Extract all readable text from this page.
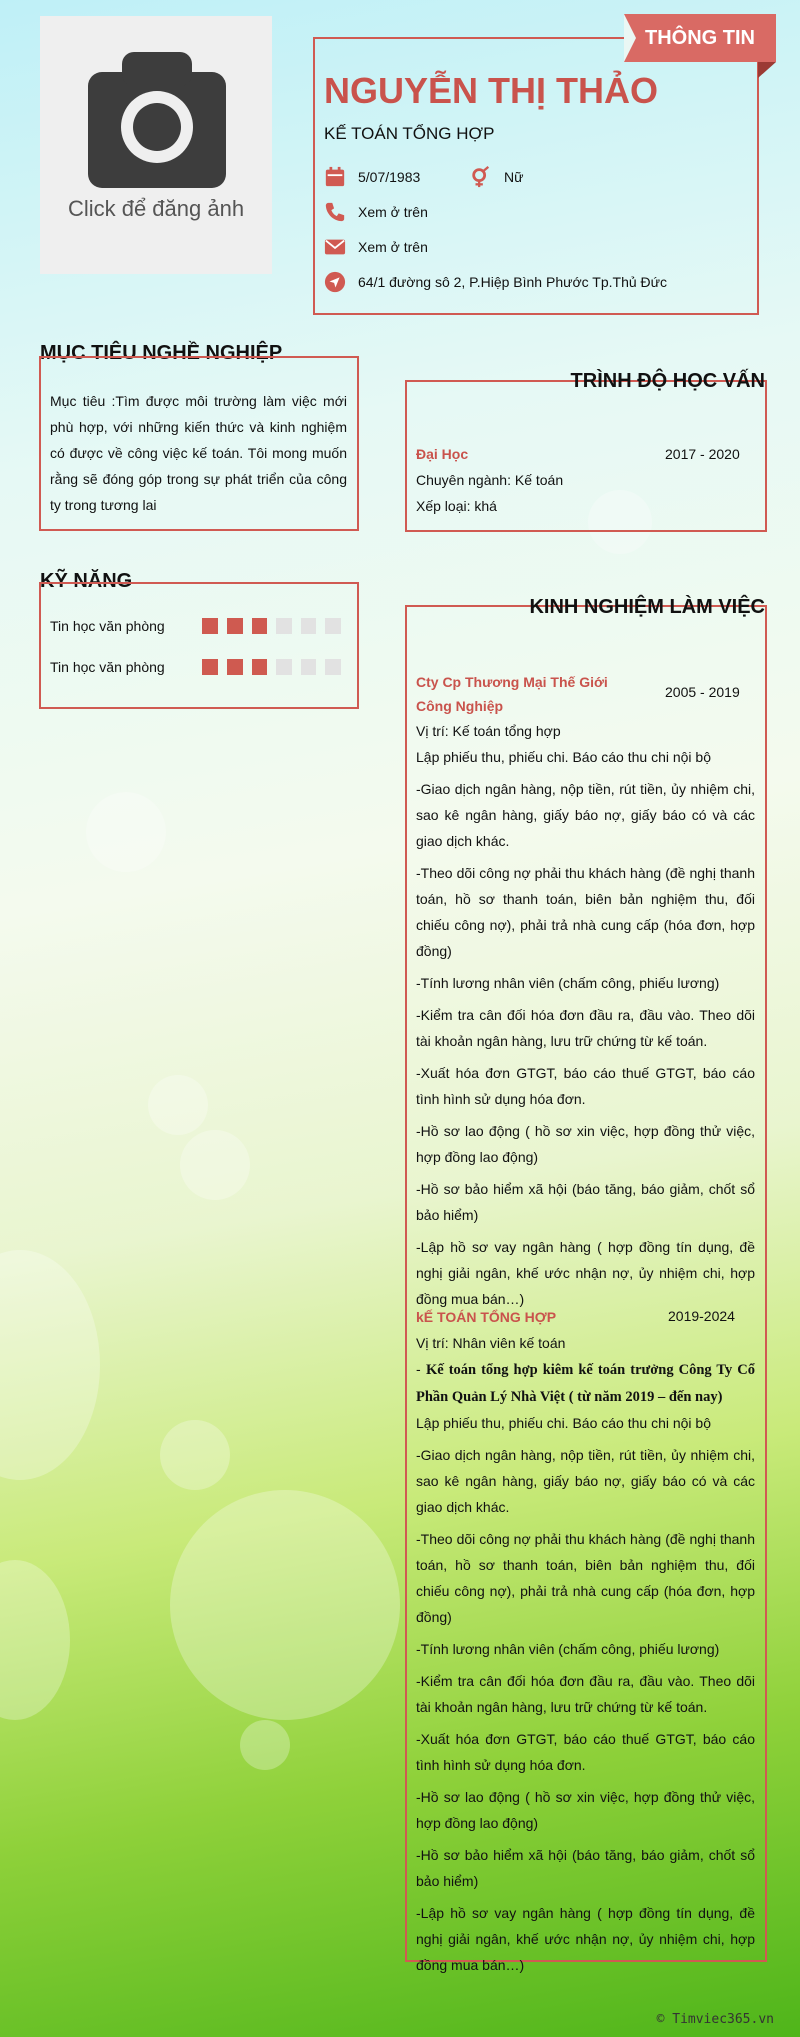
Click để đăng ảnh
THÔNG TIN
NGUYỄN THỊ THẢO
KẾ TOÁN TỔNG HỢP
5/07/1983	Nữ
Xem ở trên
Xem ở trên
64/1 đường sô 2, P.Hiệp Bình Phước Tp.Thủ Đức
MỤC TIÊU NGHỀ NGHIỆP
Mục tiêu :Tìm được môi trường làm việc mới phù hợp, với những kiến thức và kinh nghiệm có được về công việc kế toán. Tôi mong muốn rằng sẽ đóng góp trong sự phát triển của công ty trong tương lai
KỸ NĂNG
Tin học văn phòng
Tin học văn phòng
TRÌNH ĐỘ HỌC VẤN
Đại Học	2017 - 2020
Chuyên ngành: Kế toán
Xếp loại: khá
KINH NGHIỆM LÀM VIỆC
Cty Cp Thương Mại Thế Giới Công Nghiệp
2005 - 2019

Vị trí: Kế toán tổng hợp

Lập phiếu thu, phiếu chi. Báo cáo thu chi nội bộ

-Giao dịch ngân hàng, nộp tiền, rút tiền, ủy nhiệm chi, sao kê ngân hàng, giấy báo nợ, giấy báo có và các giao dịch khác.

-Theo dõi công nợ phải thu khách hàng (đề nghị thanh toán, hồ sơ thanh toán, biên bản nghiệm thu, đối chiếu công nợ), phải trả nhà cung cấp (hóa đơn, hợp đồng)

-Tính lương nhân viên (chấm công, phiếu lương)

-Kiểm tra cân đối hóa đơn đầu ra, đầu vào. Theo dõi tài khoản ngân hàng, lưu trữ chứng từ kế toán.

-Xuất hóa đơn GTGT, báo cáo thuế GTGT, báo cáo tình hình sử dụng hóa đơn.

-Hồ sơ lao động ( hồ sơ xin việc, hợp đồng thử việc, hợp đồng lao động)

-Hồ sơ bảo hiểm xã hội (báo tăng, báo giảm, chốt sổ bảo hiểm)

-Lập hồ sơ vay ngân hàng ( hợp đồng tín dụng, đề nghị giải ngân, khế ước nhận nợ, ủy nhiệm chi, hợp đồng mua bán…)

kẾ TOÁN TỔNG HỢP	2019-2024

Vị trí: Nhân viên kế toán

- Kế toán tổng hợp kiêm kế toán trưởng Công Ty Cổ Phần Quản Lý Nhà Việt ( từ năm 2019 – đến nay)

Lập phiếu thu, phiếu chi. Báo cáo thu chi nội bộ

-Giao dịch ngân hàng, nộp tiền, rút tiền, ủy nhiệm chi, sao kê ngân hàng, giấy báo nợ, giấy báo có và các giao dịch khác.

-Theo dõi công nợ phải thu khách hàng (đề nghị thanh toán, hồ sơ thanh toán, biên bản nghiệm thu, đối chiếu công nợ), phải trả nhà cung cấp (hóa đơn, hợp đồng)

-Tính lương nhân viên (chấm công, phiếu lương)

-Kiểm tra cân đối hóa đơn đầu ra, đầu vào. Theo dõi tài khoản ngân hàng, lưu trữ chứng từ kế toán.

-Xuất hóa đơn GTGT, báo cáo thuế GTGT, báo cáo tình hình sử dụng hóa đơn.

-Hồ sơ lao động ( hồ sơ xin việc, hợp đồng thử việc, hợp đồng lao động)

-Hồ sơ bảo hiểm xã hội (báo tăng, báo giảm, chốt sổ bảo hiểm)

-Lập hồ sơ vay ngân hàng ( hợp đồng tín dụng, đề nghị giải ngân, khế ước nhận nợ, ủy nhiệm chi, hợp đồng mua bán…)

© Timviec365.vn
